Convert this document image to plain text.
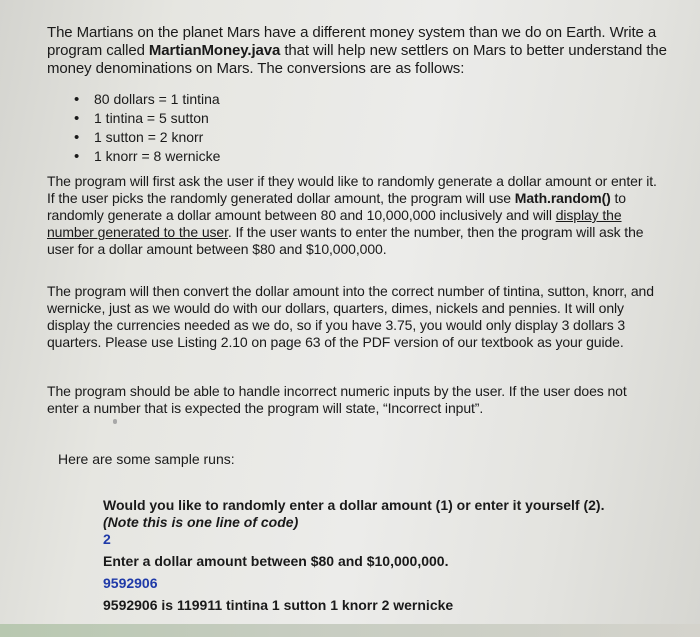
The Martians on the planet Mars have a different money system than we do on Earth. Write a program called MartianMoney.java that will help new settlers on Mars to better understand the money denominations on Mars. The conversions are as follows:
• 80 dollars = 1 tintina
• 1 tintina = 5 sutton
• 1 sutton = 2 knorr
• 1 knorr = 8 wernicke
The program will first ask the user if they would like to randomly generate a dollar amount or enter it. If the user picks the randomly generated dollar amount, the program will use Math.random() to randomly generate a dollar amount between 80 and 10,000,000 inclusively and will display the number generated to the user. If the user wants to enter the number, then the program will ask the user for a dollar amount between $80 and $10,000,000.
The program will then convert the dollar amount into the correct number of tintina, sutton, knorr, and wernicke, just as we would do with our dollars, quarters, dimes, nickels and pennies. It will only display the currencies needed as we do, so if you have 3.75, you would only display 3 dollars 3 quarters. Please use Listing 2.10 on page 63 of the PDF version of our textbook as your guide.
The program should be able to handle incorrect numeric inputs by the user. If the user does not enter a number that is expected the program will state, “Incorrect input”.
Here are some sample runs:
Would you like to randomly enter a dollar amount (1) or enter it yourself (2). (Note this is one line of code)
2
Enter a dollar amount between $80 and $10,000,000.
9592906
9592906 is 119911 tintina 1 sutton 1 knorr 2 wernicke
